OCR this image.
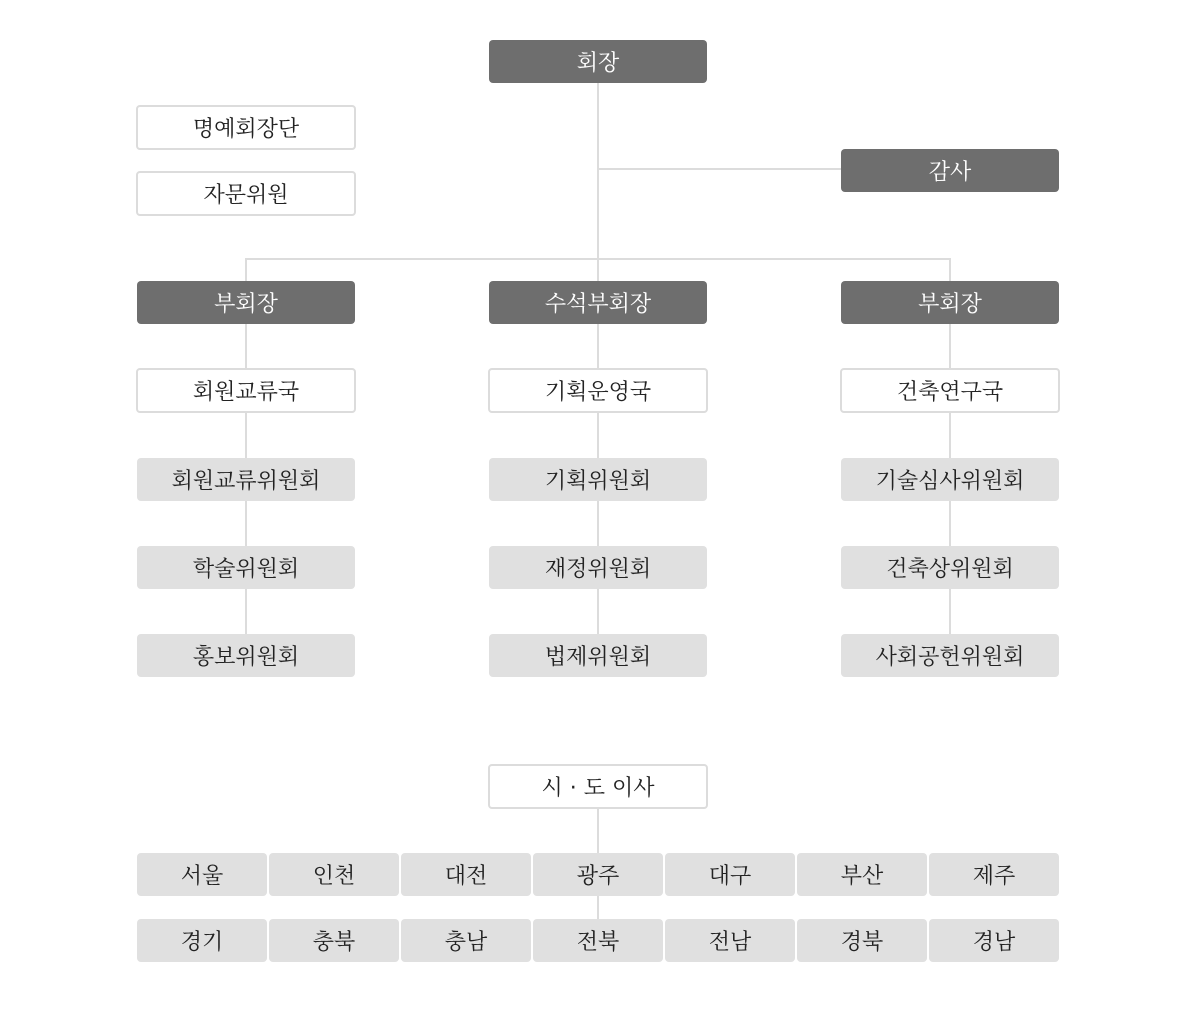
회장
명예회장단
자문위원
감사
부회장
회원교류국
회원교류위원회
학술위원회
홍보위원회
수석부회장
기획운영국
기획위원회
재정위원회
법제위원회
부회장
건축연구국
기술심사위원회
건축상위원회
사회공헌위원회
시 · 도 이사
서울	인천	대전	광주	대구	부산	제주
경기	충북	충남	전북	전남	경북	경남
